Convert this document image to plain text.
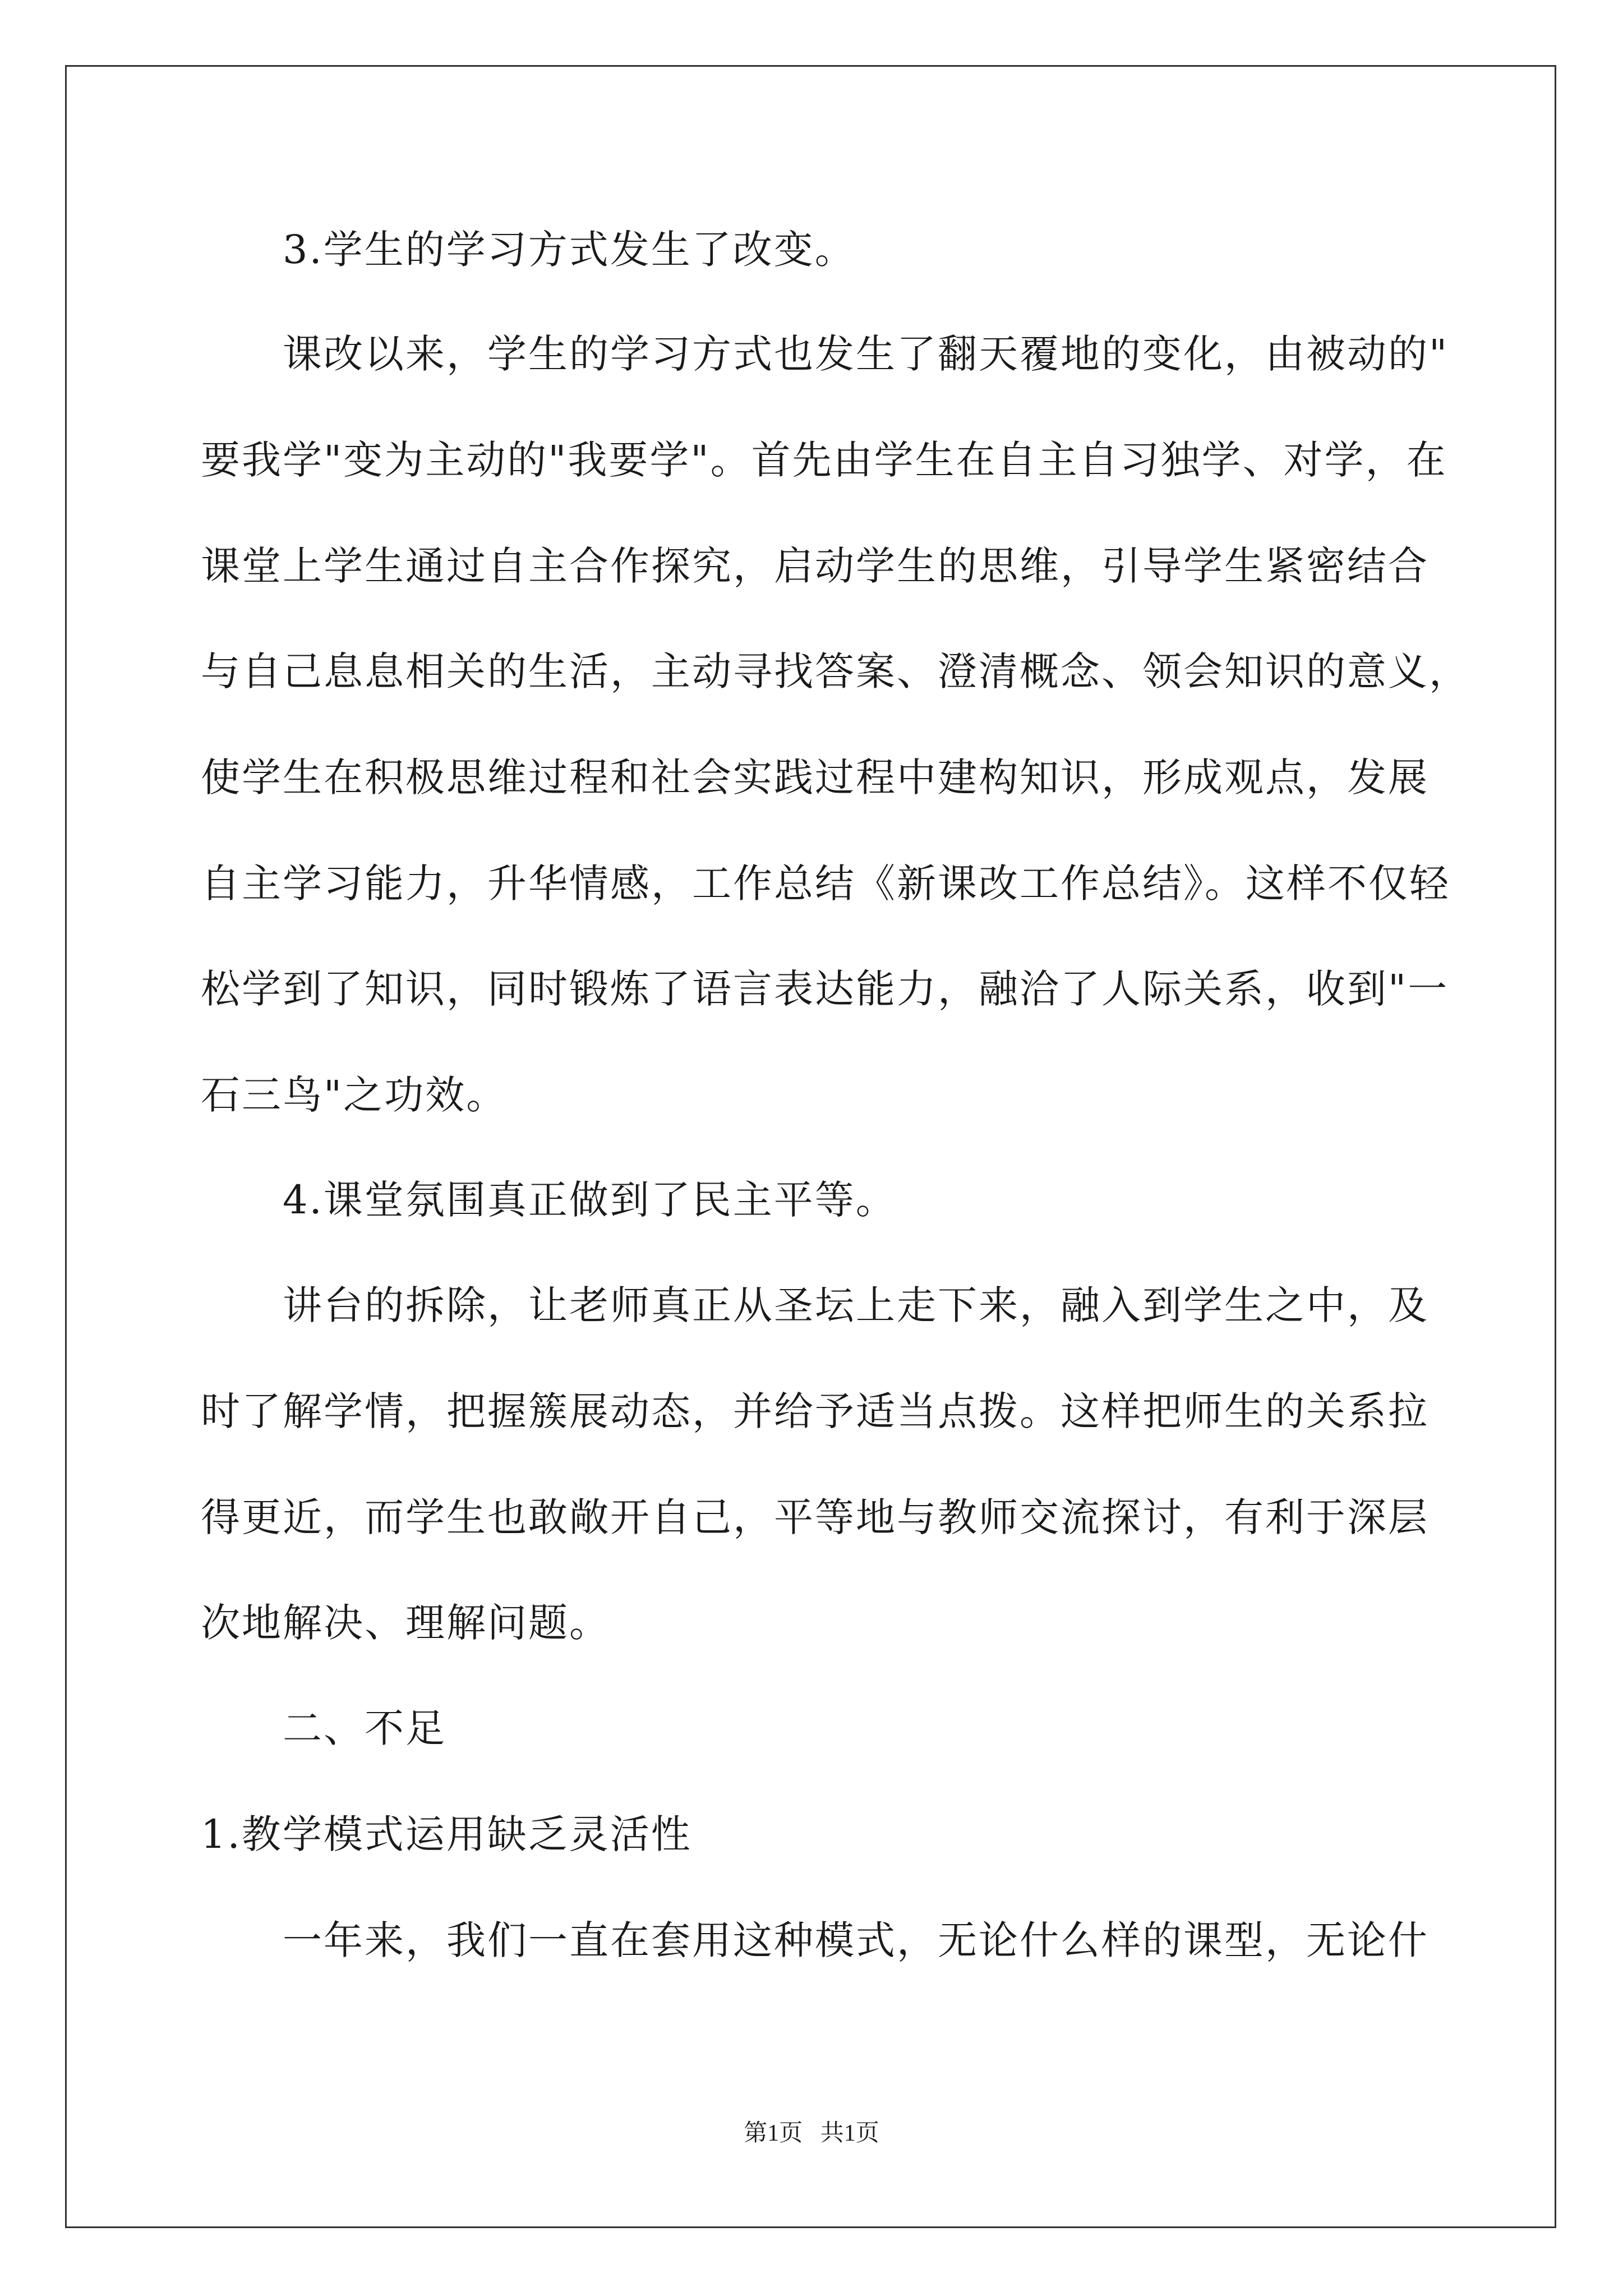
3.学生的学习方式发生了改变。
课改以来，学生的学习方式也发生了翻天覆地的变化，由被动的"
要我学"变为主动的"我要学"。首先由学生在自主自习独学、对学，在
课堂上学生通过自主合作探究，启动学生的思维，引导学生紧密结合
与自己息息相关的生活，主动寻找答案、澄清概念、领会知识的意义，
使学生在积极思维过程和社会实践过程中建构知识，形成观点，发展
自主学习能力，升华情感，工作总结《新课改工作总结》。这样不仅轻
松学到了知识，同时锻炼了语言表达能力，融洽了人际关系，收到"一
石三鸟"之功效。
4.课堂氛围真正做到了民主平等。
讲台的拆除，让老师真正从圣坛上走下来，融入到学生之中，及
时了解学情，把握簇展动态，并给予适当点拨。这样把师生的关系拉
得更近，而学生也敢敞开自己，平等地与教师交流探讨，有利于深层
次地解决、理解问题。
二、不足
1.教学模式运用缺乏灵活性
一年来，我们一直在套用这种模式，无论什么样的课型，无论什
第1页   共1页
